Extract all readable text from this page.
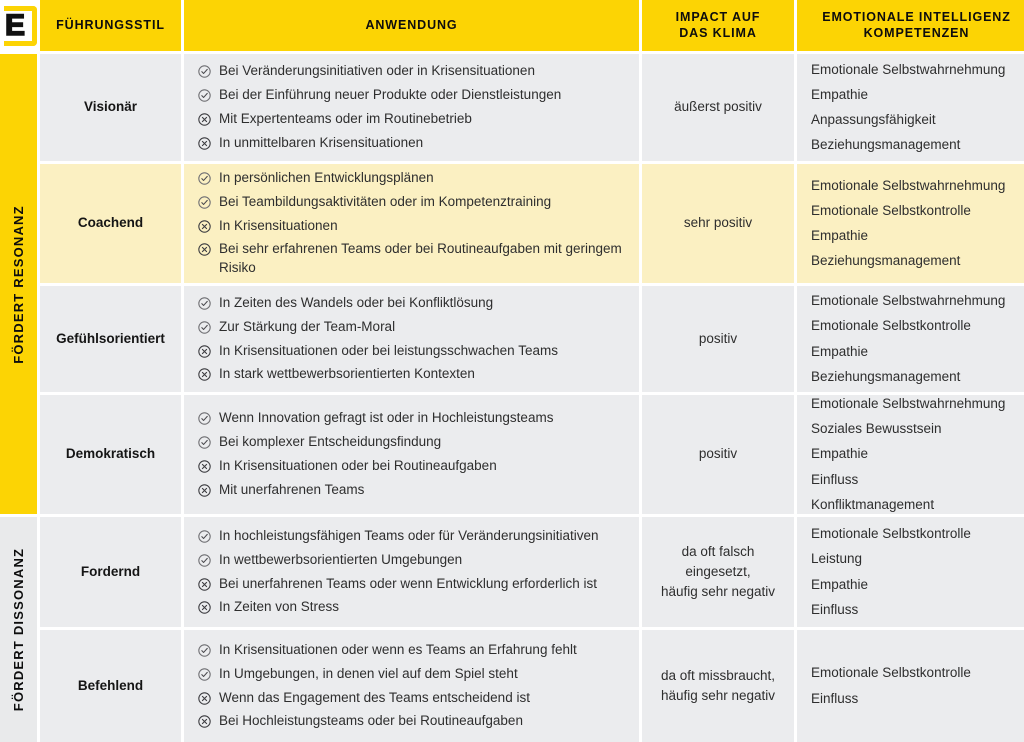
E	FÜHRUNGSSTIL	ANWENDUNG
IMPACT AUF
DAS KLIMA
EMOTIONALE INTELLIGENZ
KOMPETENZEN
FÖRDERT RESONANZ
FÖRDERT DISSONANZ
Visionär
Bei Veränderungsinitiativen oder in Krisensituationen
Bei der Einführung neuer Produkte oder Dienstleistungen
Mit Expertenteams oder im Routinebetrieb
In unmittelbaren Krisensituationen
äußerst positiv
Emotionale Selbstwahrnehmung
Empathie
Anpassungsfähigkeit
Beziehungsmanagement
Coachend
In persönlichen Entwicklungsplänen
Bei Teambildungsaktivitäten oder im Kompetenztraining
In Krisensituationen
Bei sehr erfahrenen Teams oder bei Routineaufgaben mit geringem Risiko
sehr positiv
Emotionale Selbstwahrnehmung
Emotionale Selbstkontrolle
Empathie
Beziehungsmanagement
Gefühlsorientiert
In Zeiten des Wandels oder bei Konfliktlösung
Zur Stärkung der Team-Moral
In Krisensituationen oder bei leistungsschwachen Teams
In stark wettbewerbsorientierten Kontexten
positiv
Emotionale Selbstwahrnehmung
Emotionale Selbstkontrolle
Empathie
Beziehungsmanagement
Demokratisch
Wenn Innovation gefragt ist oder in Hochleistungsteams
Bei komplexer Entscheidungsfindung
In Krisensituationen oder bei Routineaufgaben
Mit unerfahrenen Teams
positiv
Emotionale Selbstwahrnehmung
Soziales Bewusstsein
Empathie
Einfluss
Konfliktmanagement
Fordernd
In hochleistungsfähigen Teams oder für Veränderungsinitiativen
In wettbewerbsorientierten Umgebungen
Bei unerfahrenen Teams oder wenn Entwicklung erforderlich ist
In Zeiten von Stress
da oft falsch
eingesetzt,
häufig sehr negativ
Emotionale Selbstkontrolle
Leistung
Empathie
Einfluss
Befehlend
In Krisensituationen oder wenn es Teams an Erfahrung fehlt
In Umgebungen, in denen viel auf dem Spiel steht
Wenn das Engagement des Teams entscheidend ist
Bei Hochleistungsteams oder bei Routineaufgaben
da oft missbraucht,
häufig sehr negativ
Emotionale Selbstkontrolle
Einfluss
